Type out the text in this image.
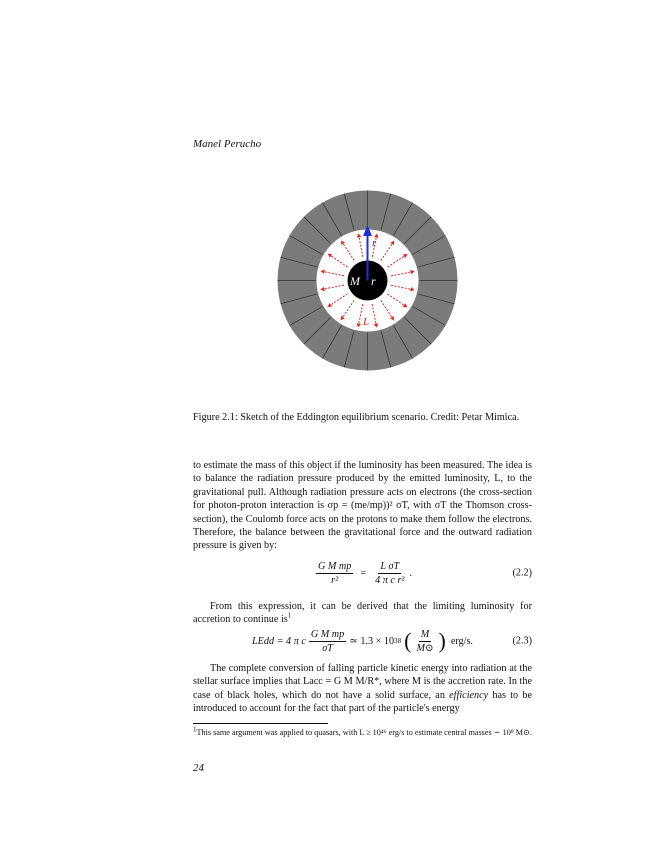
Manel Perucho
M r
r
L
Figure 2.1: Sketch of the Eddington equilibrium scenario. Credit: Petar Mimica.
to estimate the mass of this object if the luminosity has been measured. The idea is to balance the radiation pressure produced by the emitted luminosity, L, to the gravitational pull. Although radiation pressure acts on electrons (the cross-section for photon-proton interaction is σp = (me/mp))² σT, with σT the Thomson cross-section), the Coulomb force acts on the protons to make them follow the electrons. Therefore, the balance between the gravitational force and the outward radiation pressure is given by:
$\frac{\text{G M mp}}{\text{r²}} = \frac{\text{L σT}}{\text{4 π c r²}}$ .	(2.2)
From this expression, it can be derived that the limiting luminosity for accretion to continue $is^1$
LEdd = 4 π c $\frac{\text{G M mp}}{\sigma T}$ ≃ 1.3 × 10 38 ( $\frac{M}{M⊙}$ ) erg/s.	(2.3)
The complete conversion of falling particle kinetic energy into radiation at the stellar surface implies that Lacc = G M M/R*, where M is the accretion rate. In the case of black holes, which do not have a solid surface, an efficiency has to be introduced to account for the fact that part of the particle's energy
$^1$This same argument was applied to quasars, with L ≥ 10⁴⁶ erg/s to estimate central masses ∼ 10⁸ M⊙.
24
